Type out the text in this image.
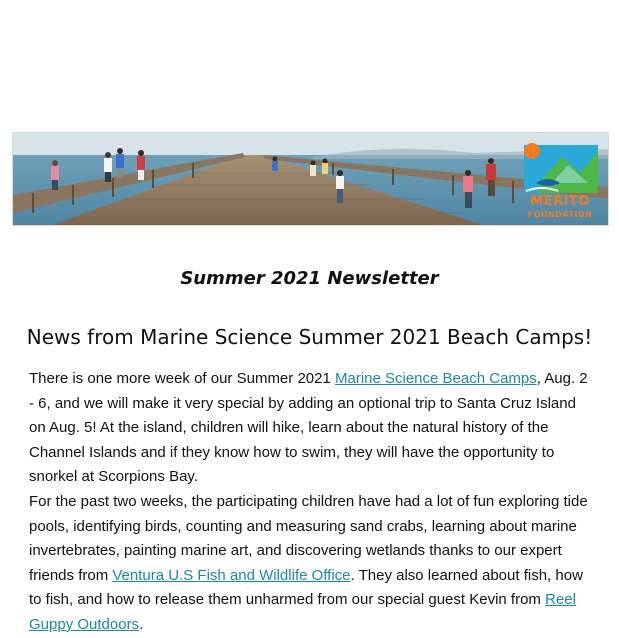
MERITO
FOUNDATION
Summer 2021 Newsletter
News from Marine Science Summer 2021 Beach Camps!

There is one more week of our Summer 2021 Marine Science Beach Camps, Aug. 2 - 6, and we will make it very special by adding an optional trip to Santa Cruz Island on Aug. 5! At the island, children will hike, learn about the natural history of the Channel Islands and if they know how to swim, they will have the opportunity to snorkel at Scorpions Bay.

For the past two weeks, the participating children have had a lot of fun exploring tide pools, identifying birds, counting and measuring sand crabs, learning about marine invertebrates, painting marine art, and discovering wetlands thanks to our expert friends from Ventura U.S Fish and Wildlife Office. They also learned about fish, how to fish, and how to release them unharmed from our special guest Kevin from Reel Guppy Outdoors.
